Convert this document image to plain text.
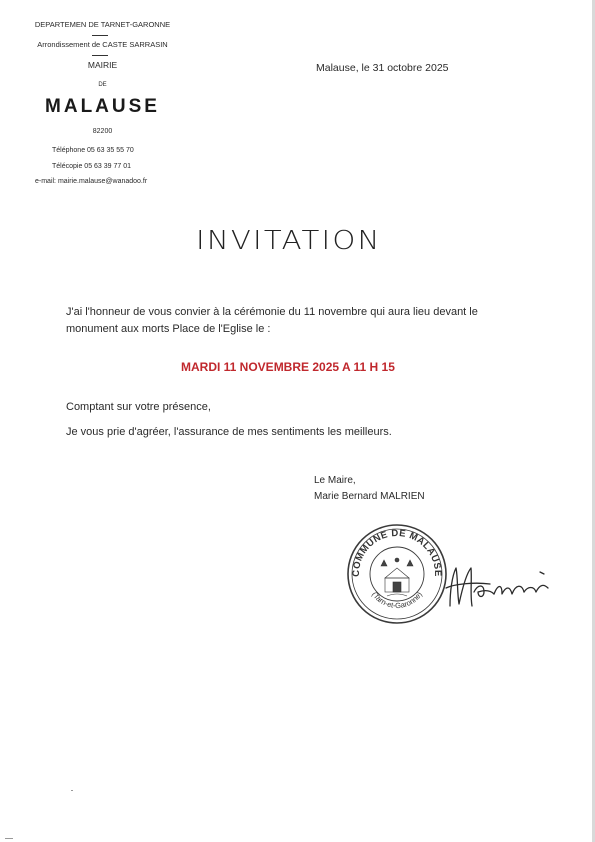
DEPARTEMEN DE TARNET-GARONNE
Arrondissement de CASTE SARRASIN
MAIRIE
DE
MALAUSE
82200
Téléphone 05 63 35 55 70
Télécopie 05 63 39 77 01
e-mail: mairie.malause@wanadoo.fr
Malause, le 31 octobre 2025
INVITATION
J'ai l'honneur de vous convier à la cérémonie du 11 novembre qui aura lieu devant le monument aux morts Place de l'Eglise le :
MARDI 11 NOVEMBRE 2025 A 11 H 15
Comptant sur votre présence,
Je vous prie d'agréer, l'assurance de mes sentiments les meilleurs.
Le Maire,
Marie Bernard MALRIEN
COMMUNE DE MALAUSE
(Tarn-et-Garonne)
